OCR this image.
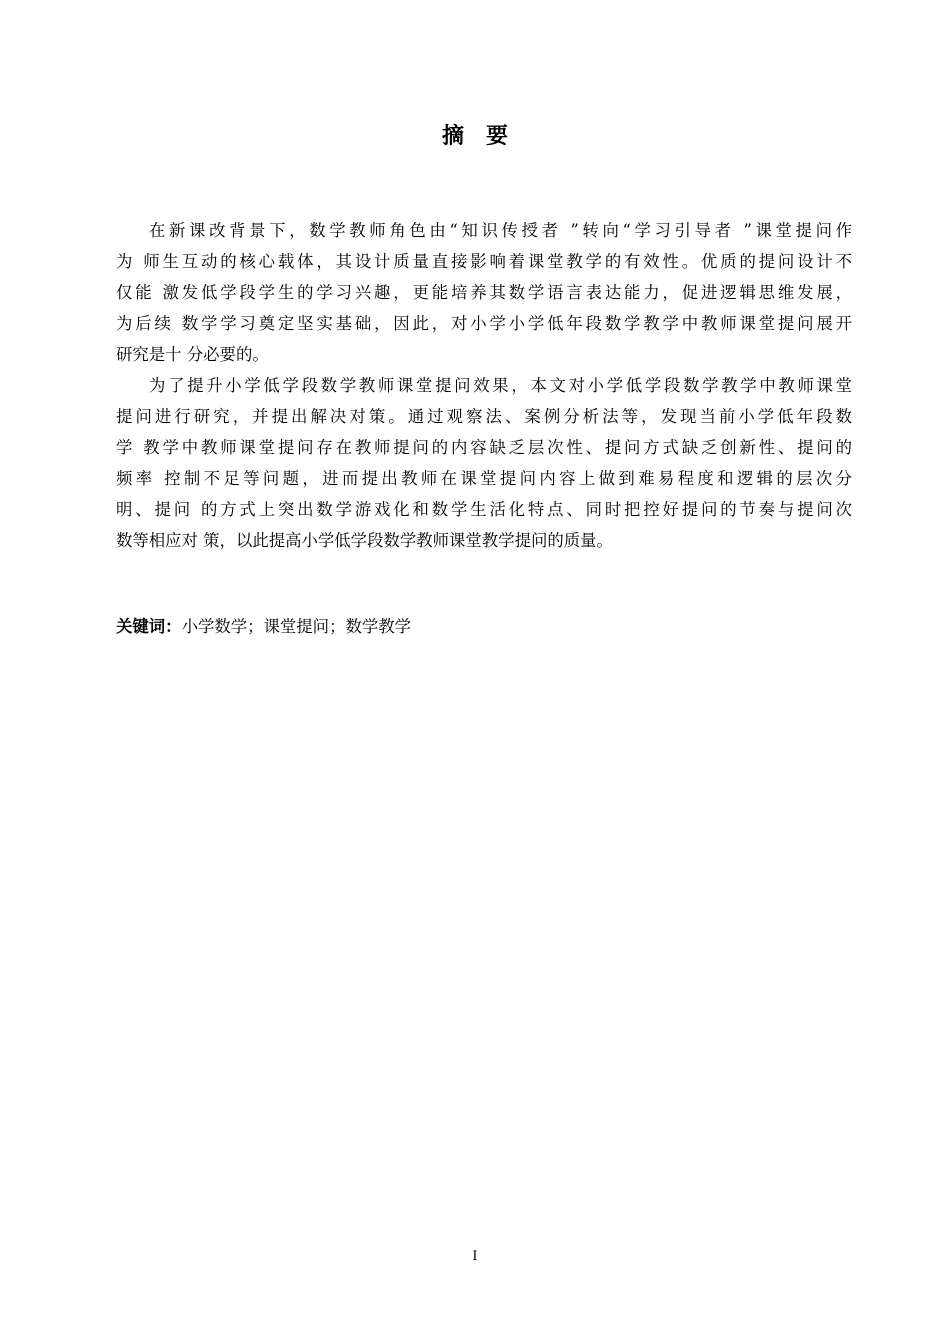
摘 要
在新课改背景下，数学教师角色由“知识传授者 ”转向“学习引导者 ”课堂提问作
为 师生互动的核心载体，其设计质量直接影响着课堂教学的有效性。优质的提问设计不
仅能 激发低学段学生的学习兴趣，更能培养其数学语言表达能力，促进逻辑思维发展，
为后续 数学学习奠定坚实基础，因此，对小学小学低年段数学教学中教师课堂提问展开
研究是十 分必要的。
为了提升小学低学段数学教师课堂提问效果，本文对小学低学段数学教学中教师课堂
提问进行研究，并提出解决对策。通过观察法、案例分析法等，发现当前小学低年段数
学 教学中教师课堂提问存在教师提问的内容缺乏层次性、提问方式缺乏创新性、提问的
频率 控制不足等问题，进而提出教师在课堂提问内容上做到难易程度和逻辑的层次分
明、提问 的方式上突出数学游戏化和数学生活化特点、同时把控好提问的节奏与提问次
数等相应对 策，以此提高小学低学段数学教师课堂教学提问的质量。
关键词：小学数学；课堂提问；数学教学
I
